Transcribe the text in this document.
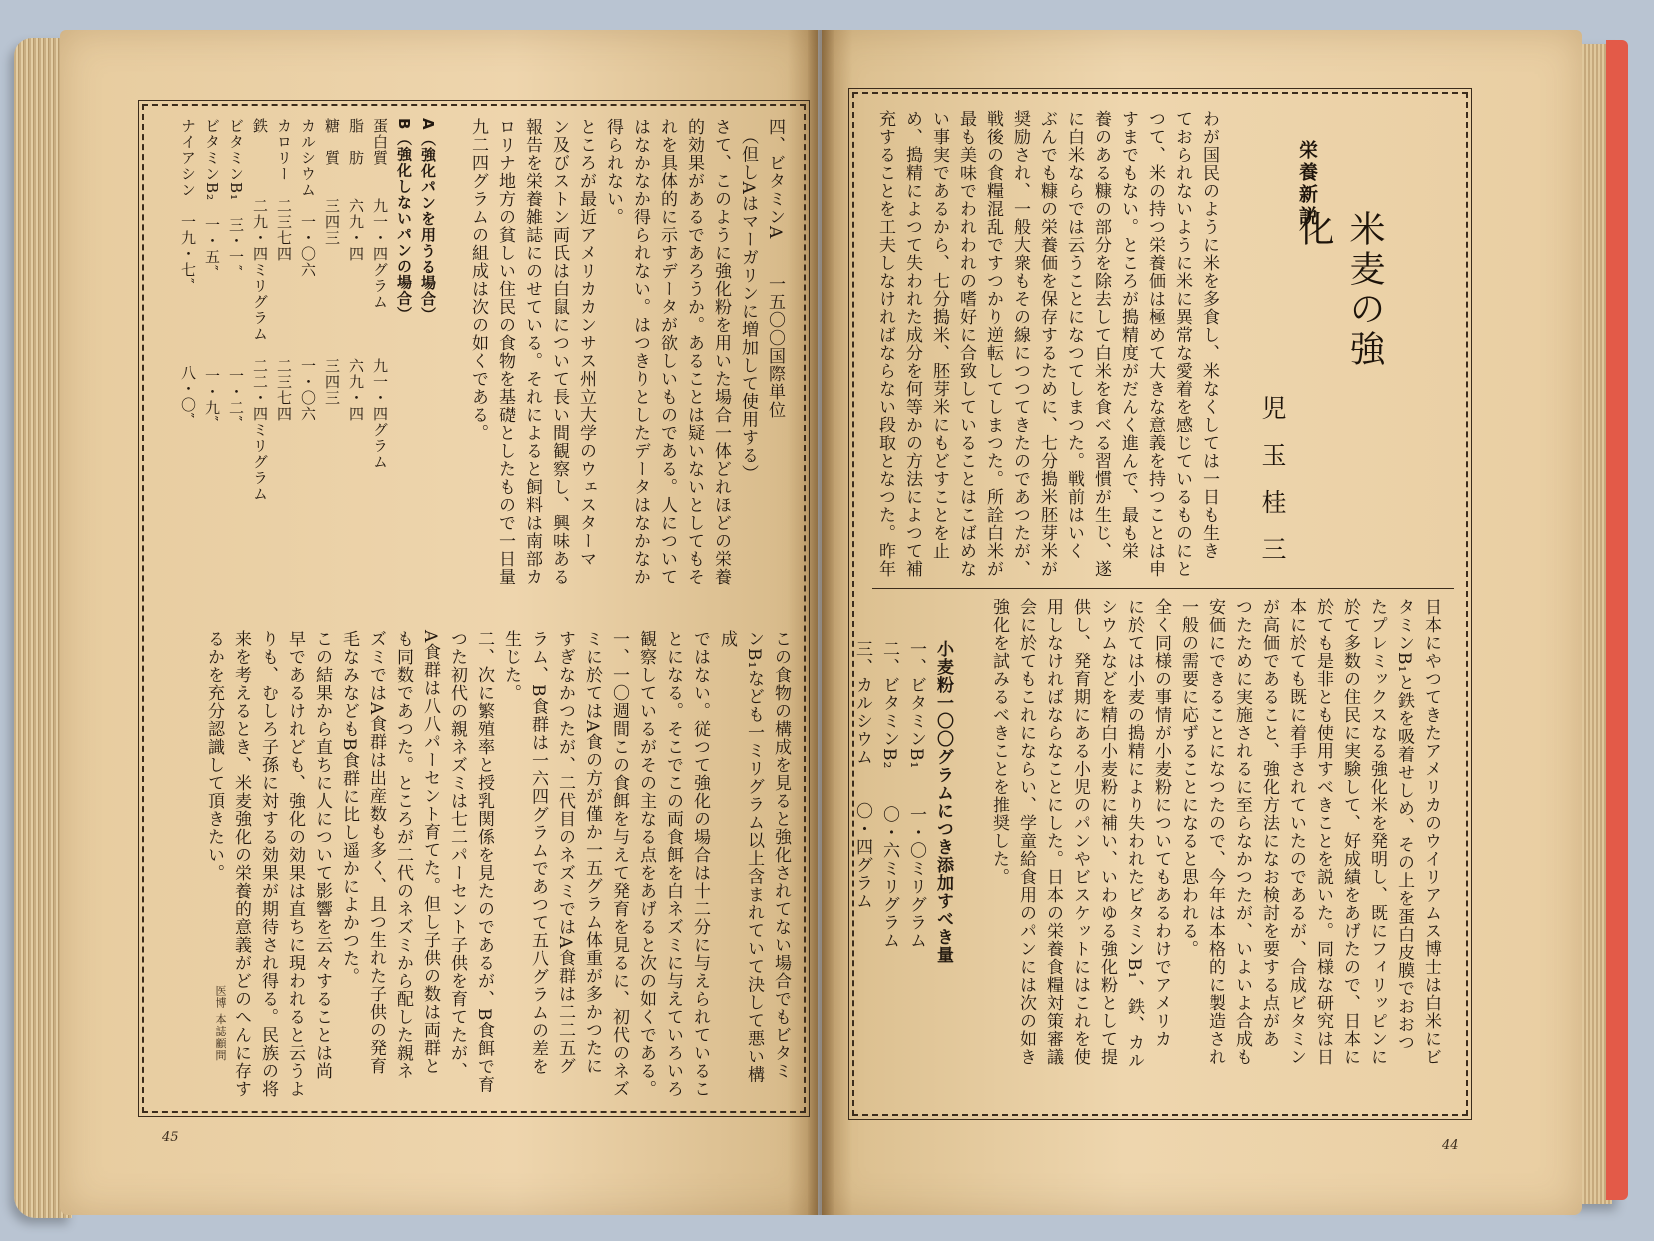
栄養新説
米麦の強化
児玉桂三
わが国民のように米を多食し、米なくしては一日も生き
ておられないように米に異常な愛着を感じているものにと
つて、米の持つ栄養価は極めて大きな意義を持つことは申
すまでもない。ところが搗精度がだんく進んで、最も栄
養のある糠の部分を除去して白米を食べる習慣が生じ、遂
に白米ならでは云うことになつてしまつた。戦前はいく
ぶんでも糠の栄養価を保存するために、七分搗米胚芽米が
奨励され、一般大衆もその線につつてきたのであつたが、
戦後の食糧混乱ですつかり逆転してしまつた。所詮白米が
最も美味でわれわれの嗜好に合致していることはこばめな
い事実であるから、七分搗米、胚芽米にもどすことを止
め、搗精によつて失われた成分を何等かの方法によつて補
充することを工夫しなければならない段取となつた。昨年
日本にやつてきたアメリカのウイリアムス博士は白米にビ
タミンB₁と鉄を吸着せしめ、その上を蛋白皮膜でおおつ
たプレミックスなる強化米を発明し、既にフィリッピンに
於て多数の住民に実験して、好成績をあげたので、日本に
於ても是非とも使用すべきことを説いた。同様な研究は日
本に於ても既に着手されていたのであるが、合成ビタミン
が高価であること、強化方法になお検討を要する点があ
つたために実施されるに至らなかつたが、いよいよ合成も
安価にできることになつたので、今年は本格的に製造され
一般の需要に応ずることになると思われる。
全く同様の事情が小麦粉についてもあるわけでアメリカ
に於ては小麦の搗精により失われたビタミンB₁、鉄、カル
シウムなどを精白小麦粉に補い、いわゆる強化粉として提
供し、発育期にある小児のパンやビスケットにはこれを使
用しなければならなことにした。日本の栄養食糧対策審議
会に於てもこれにならい、学童給食用のパンには次の如き
強化を試みるべきことを推奨した。
小麦粉一〇〇グラムにつき添加すべき量
一、ビタミンB₁　　一・〇ミリグラム
二、ビタミンB₂　　〇・六ミリグラム
三、カルシウム　　〇・四グラム
四、ビタミンA　　一五〇〇国際単位
　（但しAはマーガリンに増加して使用する）
さて、このように強化粉を用いた場合一体どれほどの栄養
的効果があるであろうか。あることは疑いないとしてもそ
れを具体的に示すデータが欲しいものである。人について
はなかなか得られない。はつきりとしたデータはなかなか得られない。
ところが最近アメリカカンサス州立大学のウェスターマ
ン及びストン両氏は白鼠について長い間観察し、興味ある
報告を栄養雑誌にのせている。それによると飼料は南部カ
ロリナ地方の貧しい住民の食物を基礎としたもので一日量
九二四グラムの組成は次の如くである。
A（強化パンを用うる場合）
B（強化しないパンの場合）
蛋白質　　九一・四グラム　　　九一・四グラム
脂　肪　　六九・四　　　　　　六九・四
糖　質　　三四三　　　　　　　三四三
カルシウム　一・〇六　　　　　一・〇六
カロリー　二三七四　　　　　　二三七四
鉄　　　　二九・四ミリグラム　二二・四ミリグラム
ビタミンB₁　三・一″　　　　　　一・二″
ビタミンB₂　一・五″　　　　　　一・九″
ナイアシン　一九・七″　　　　　八・〇″
この食物の構成を見ると強化されてない場合でもビタミ
ンB₁なども一ミリグラム以上含まれていて決して悪い構成
ではない。従つて強化の場合は十二分に与えられているこ
とになる。そこでこの両食餌を白ネズミに与えていろいろ
観察しているがその主なる点をあげると次の如くである。
一、一〇週間この食餌を与えて発育を見るに、初代のネズ
ミに於てはA食の方が僅か一五グラム体重が多かつたに
すぎなかつたが、二代目のネズミではA食群は二二五グ
ラム、B食群は一六四グラムであつて五八グラムの差を
生じた。
二、次に繁殖率と授乳関係を見たのであるが、B食餌で育
つた初代の親ネズミは七二パーセント子供を育てたが、
A食群は八八パーセント育てた。但し子供の数は両群と
も同数であつた。ところが二代のネズミから配した親ネ
ズミではA食群は出産数も多く、且つ生れた子供の発育
毛なみなどもB食群に比し遥かによかつた。
この結果から直ちに人について影響を云々することは尚
早であるけれども、強化の効果は直ちに現われると云うよ
りも、むしろ子孫に対する効果が期待され得る。民族の将
来を考えるとき、米麦強化の栄養的意義がどのへんに存す
るかを充分認識して頂きたい。
医博 本誌顧問
45
44
